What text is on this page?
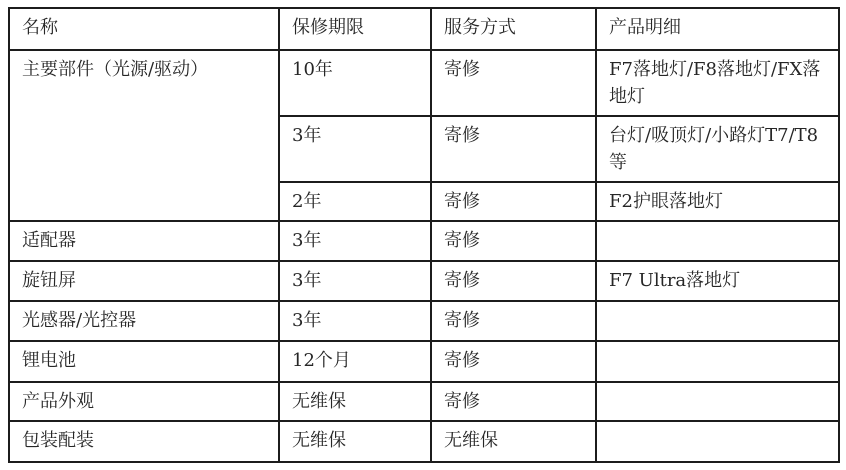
名称	保修期限	服务方式	产品明细
主要部件（光源/驱动）	10年	寄修	F7落地灯/F8落地灯/FX落地灯
	3年	寄修	台灯/吸顶灯/小路灯T7/T8等
	2年	寄修	F2护眼落地灯
适配器	3年	寄修	
旋钮屏	3年	寄修	F7 Ultra落地灯
光感器/光控器	3年	寄修	
锂电池	12个月	寄修	
产品外观	无维保	寄修	
包装配装	无维保	无维保	
